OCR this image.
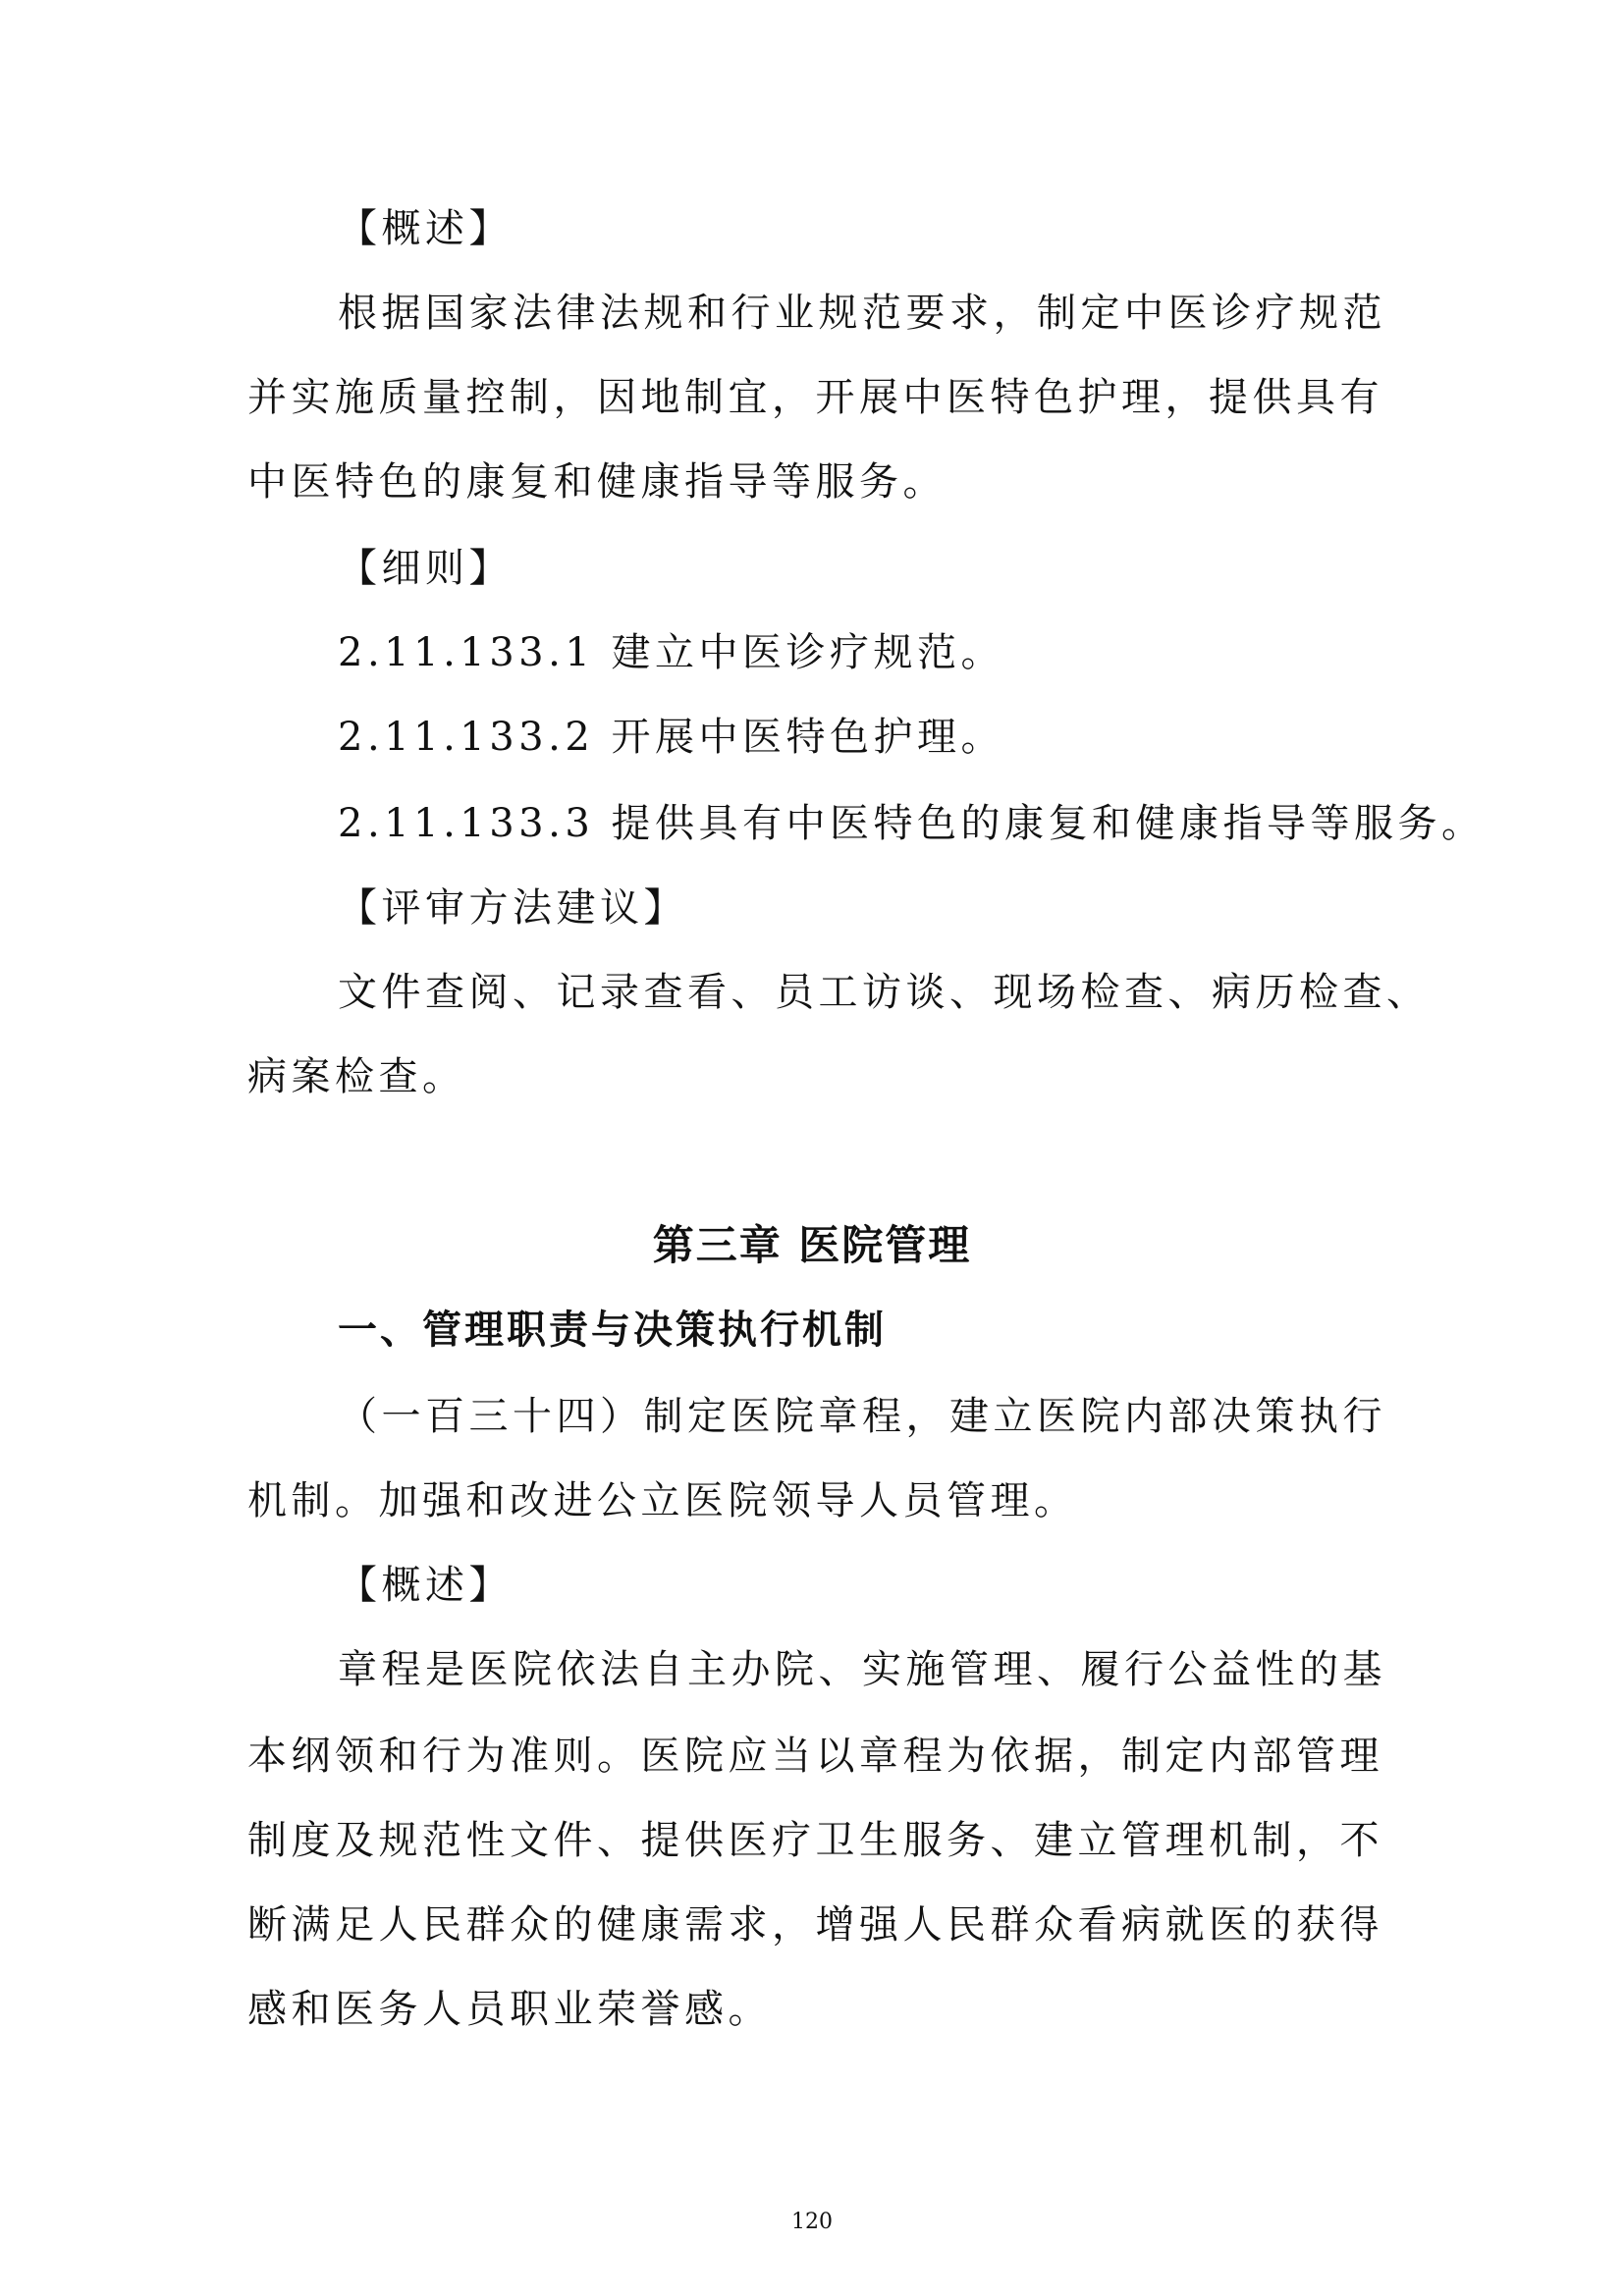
【概述】
根据国家法律法规和行业规范要求，制定中医诊疗规范
并实施质量控制，因地制宜，开展中医特色护理，提供具有
中医特色的康复和健康指导等服务。
【细则】
2.11.133.1 建立中医诊疗规范。
2.11.133.2 开展中医特色护理。
2.11.133.3 提供具有中医特色的康复和健康指导等服务。
【评审方法建议】
文件查阅、记录查看、员工访谈、现场检查、病历检查、
病案检查。
第三章 医院管理
一、管理职责与决策执行机制
（一百三十四）制定医院章程，建立医院内部决策执行
机制。加强和改进公立医院领导人员管理。
【概述】
章程是医院依法自主办院、实施管理、履行公益性的基
本纲领和行为准则。医院应当以章程为依据，制定内部管理
制度及规范性文件、提供医疗卫生服务、建立管理机制，不
断满足人民群众的健康需求，增强人民群众看病就医的获得
感和医务人员职业荣誉感。
120
